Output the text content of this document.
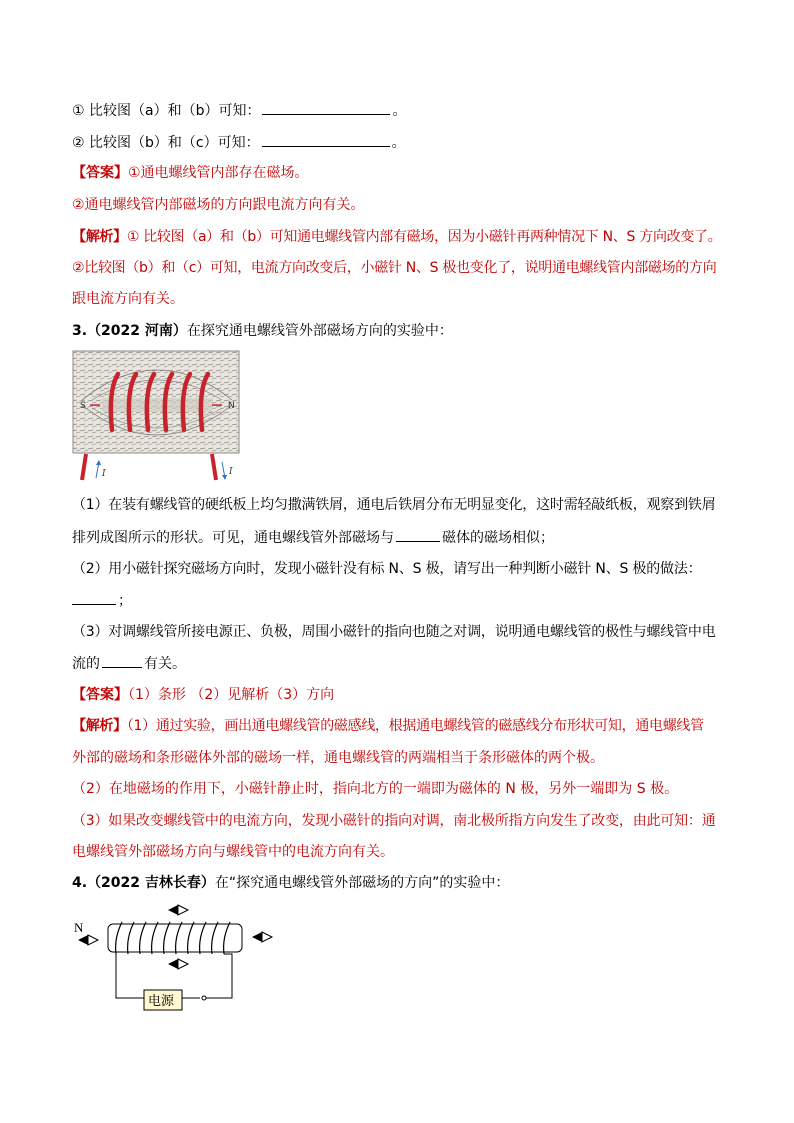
① 比较图（a）和（b）可知：	。
② 比较图（b）和（c）可知：	。
【答案】①通电螺线管内部存在磁场。
②通电螺线管内部磁场的方向跟电流方向有关。
【解析】① 比较图（a）和（b）可知通电螺线管内部有磁场，因为小磁针再两种情况下 N、S 方向改变了。
②比较图（b）和（c）可知，电流方向改变后，小磁针 N、S 极也变化了，说明通电螺线管内部磁场的方向
跟电流方向有关。
3.（2022 河南）在探究通电螺线管外部磁场方向的实验中：
S	N
I	I
（1）在装有螺线管的硬纸板上均匀撒满铁屑，通电后铁屑分布无明显变化，这时需轻敲纸板，观察到铁屑
排列成图所示的形状。可见，通电螺线管外部磁场与	磁体的磁场相似；
（2）用小磁针探究磁场方向时，发现小磁针没有标 N、S 极，请写出一种判断小磁针 N、S 极的做法：
；
（3）对调螺线管所接电源正、负极，周围小磁针的指向也随之对调，说明通电螺线管的极性与螺线管中电
流的	有关。
【答案】（1）条形 （2）见解析（3）方向
【解析】（1）通过实验，画出通电螺线管的磁感线，根据通电螺线管的磁感线分布形状可知，通电螺线管
外部的磁场和条形磁体外部的磁场一样，通电螺线管的两端相当于条形磁体的两个极。
（2）在地磁场的作用下，小磁针静止时，指向北方的一端即为磁体的 N 极，另外一端即为 S 极。
（3）如果改变螺线管中的电流方向，发现小磁针的指向对调，南北极所指方向发生了改变，由此可知：通
电螺线管外部磁场方向与螺线管中的电流方向有关。
4.（2022 吉林长春）在“探究通电螺线管外部磁场的方向”的实验中：
N
电源
